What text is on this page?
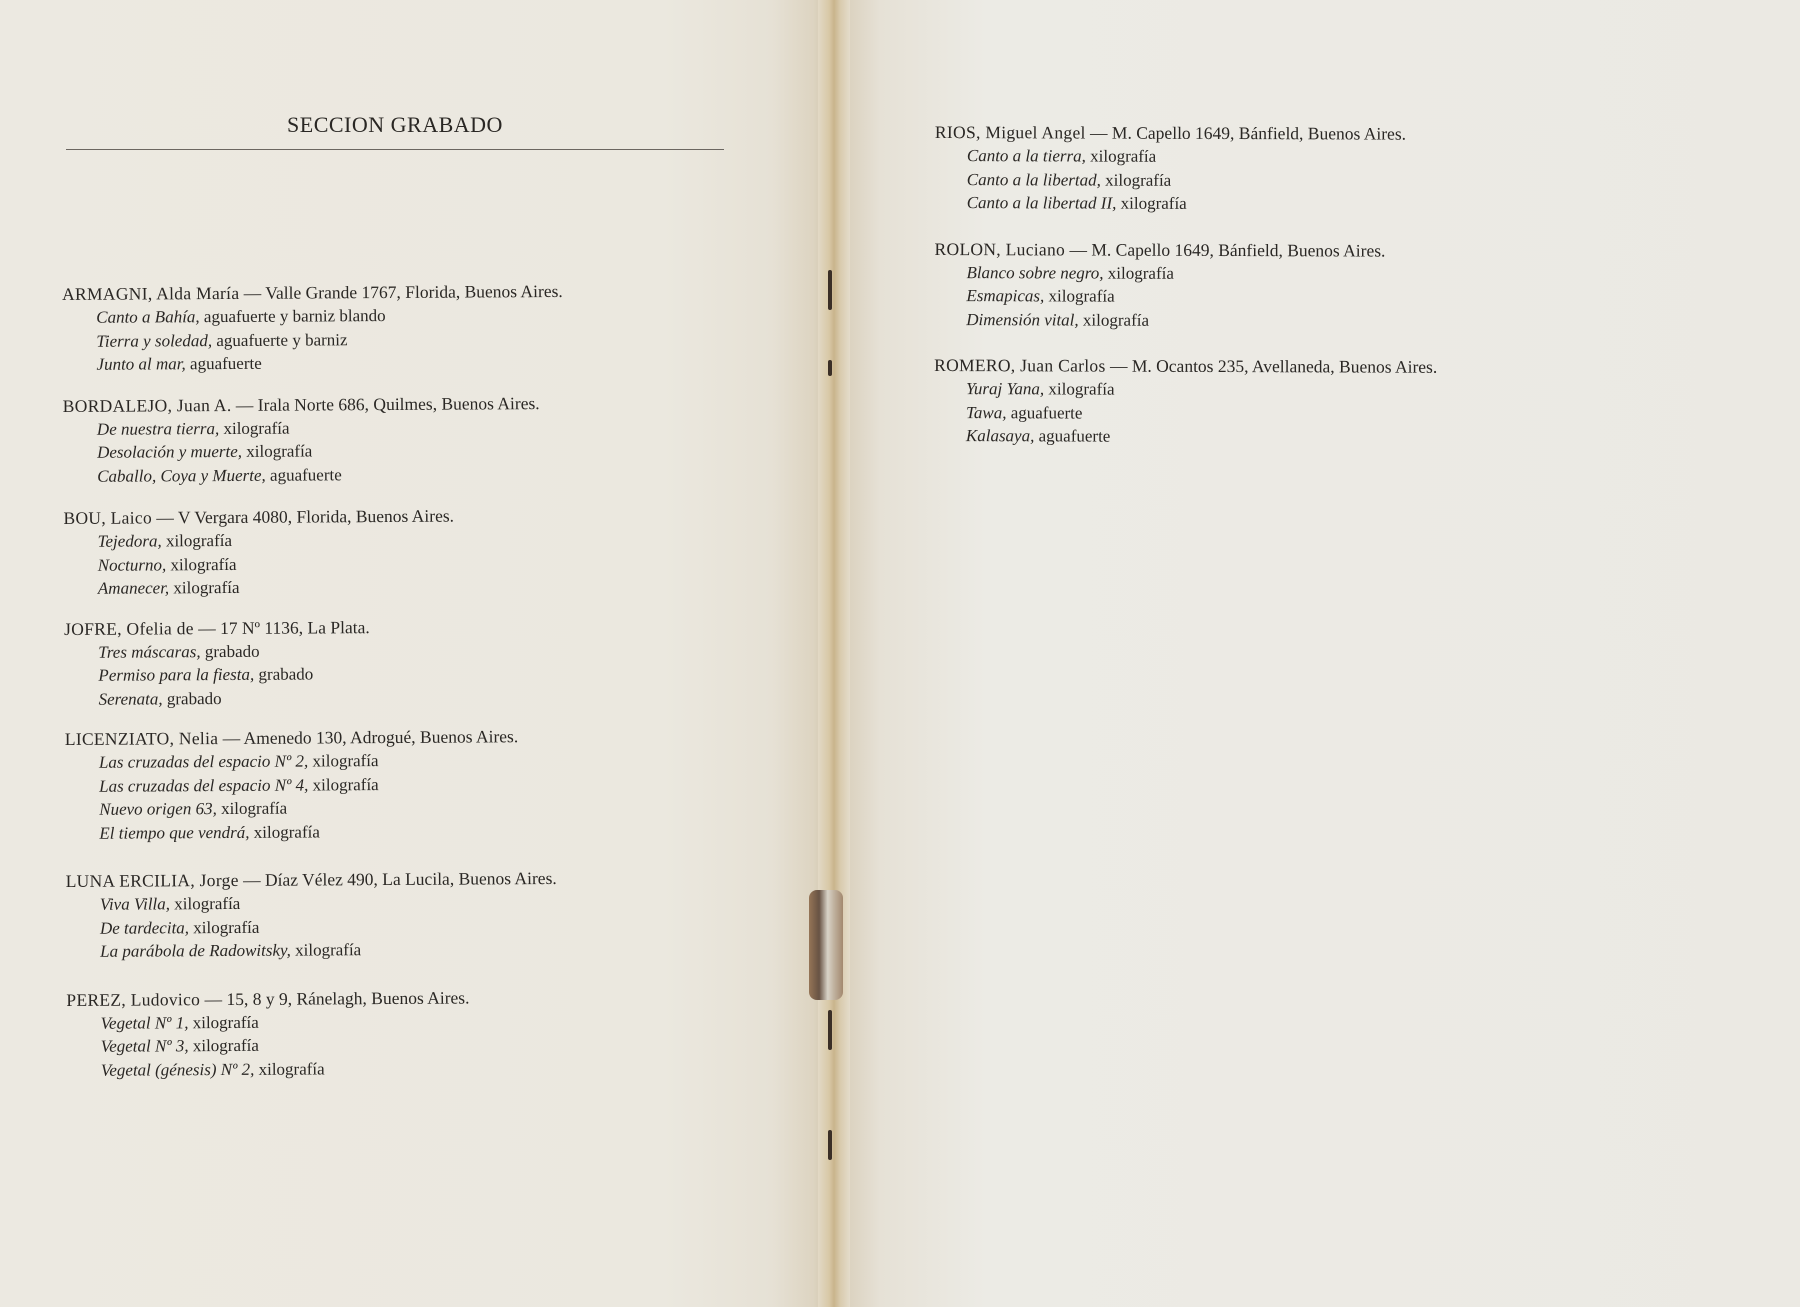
SECCION GRABADO
ARMAGNI, Alda María — Valle Grande 1767, Florida, Buenos Aires.
Canto a Bahía, aguafuerte y barniz blando
Tierra y soledad, aguafuerte y barniz
Junto al mar, aguafuerte
BORDALEJO, Juan A. — Irala Norte 686, Quilmes, Buenos Aires.
De nuestra tierra, xilografía
Desolación y muerte, xilografía
Caballo, Coya y Muerte, aguafuerte
BOU, Laico — V Vergara 4080, Florida, Buenos Aires.
Tejedora, xilografía
Nocturno, xilografía
Amanecer, xilografía
JOFRE, Ofelia de — 17 Nº 1136, La Plata.
Tres máscaras, grabado
Permiso para la fiesta, grabado
Serenata, grabado
LICENZIATO, Nelia — Amenedo 130, Adrogué, Buenos Aires.
Las cruzadas del espacio Nº 2, xilografía
Las cruzadas del espacio Nº 4, xilografía
Nuevo origen 63, xilografía
El tiempo que vendrá, xilografía
LUNA ERCILIA, Jorge — Díaz Vélez 490, La Lucila, Buenos Aires.
Viva Villa, xilografía
De tardecita, xilografía
La parábola de Radowitsky, xilografía
PEREZ, Ludovico — 15, 8 y 9, Ránelagh, Buenos Aires.
Vegetal Nº 1, xilografía
Vegetal Nº 3, xilografía
Vegetal (génesis) Nº 2, xilografía
RIOS, Miguel Angel — M. Capello 1649, Bánfield, Buenos Aires.
Canto a la tierra, xilografía
Canto a la libertad, xilografía
Canto a la libertad II, xilografía
ROLON, Luciano — M. Capello 1649, Bánfield, Buenos Aires.
Blanco sobre negro, xilografía
Esmapicas, xilografía
Dimensión vital, xilografía
ROMERO, Juan Carlos — M. Ocantos 235, Avellaneda, Buenos Aires.
Yuraj Yana, xilografía
Tawa, aguafuerte
Kalasaya, aguafuerte
